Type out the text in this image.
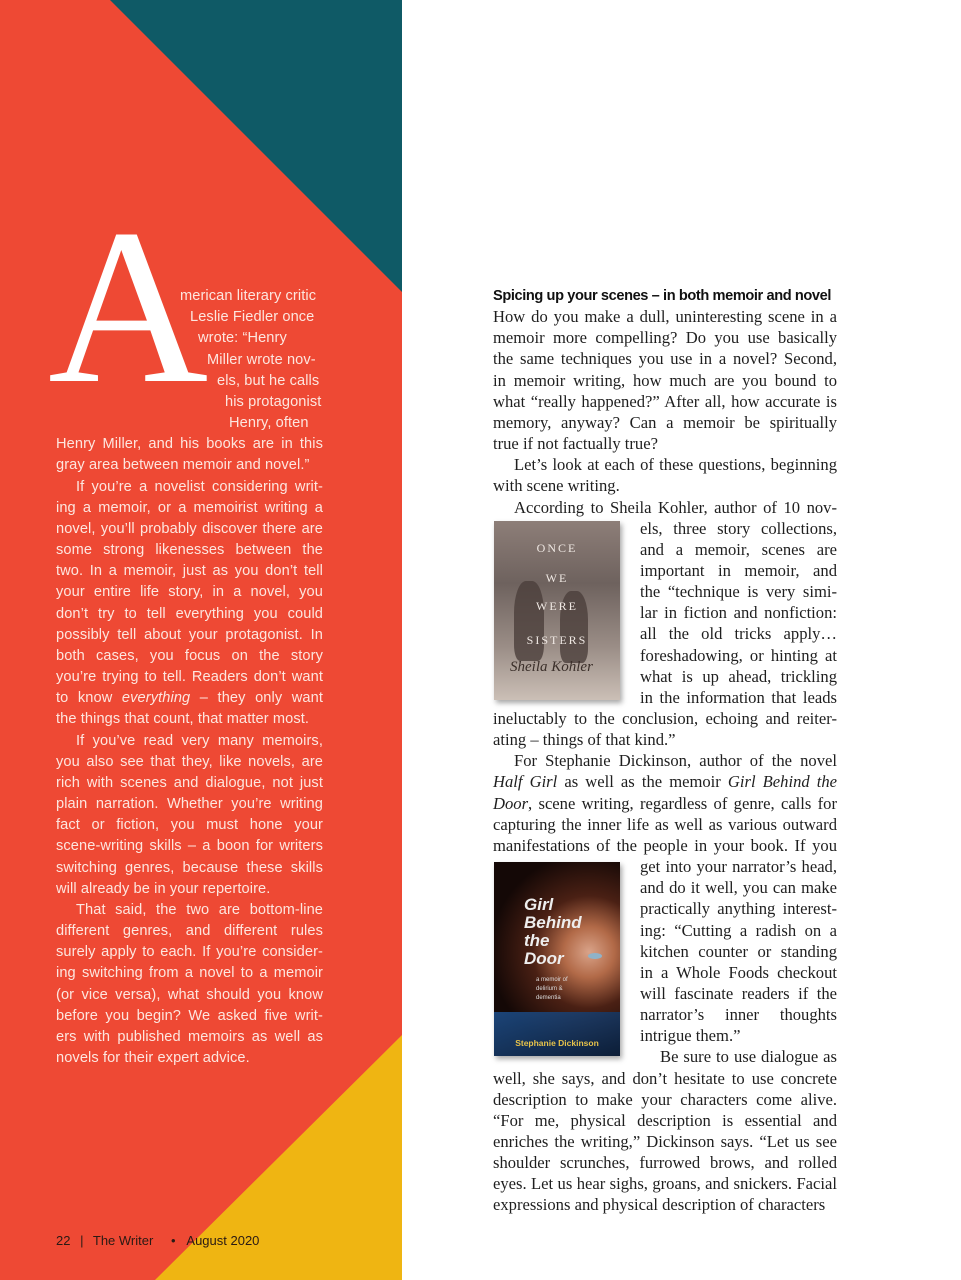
A
merican literary critic
Leslie Fiedler once
wrote: “Henry
Miller wrote nov-
els, but he calls
his protagonist
Henry, often
Henry Miller, and his books are in this
gray area between memoir and novel.”
If you’re a novelist considering writ-
ing a memoir, or a memoirist writing a
novel, you’ll probably discover there are
some strong likenesses between the
two. In a memoir, just as you don’t tell
your entire life story, in a novel, you
don’t try to tell everything you could
possibly tell about your protagonist. In
both cases, you focus on the story
you’re trying to tell. Readers don’t want
to know everything – they only want
the things that count, that matter most.
If you’ve read very many memoirs,
you also see that they, like novels, are
rich with scenes and dialogue, not just
plain narration. Whether you’re writing
fact or fiction, you must hone your
scene-writing skills – a boon for writers
switching genres, because these skills
will already be in your repertoire.
That said, the two are bottom-line
different genres, and different rules
surely apply to each. If you’re consider-
ing switching from a novel to a memoir
(or vice versa), what should you know
before you begin? We asked five writ-
ers with published memoirs as well as
novels for their expert advice.
22 | The Writer • August 2020
Spicing up your scenes – in both memoir and novel
How do you make a dull, uninteresting scene in a
memoir more compelling? Do you use basically
the same techniques you use in a novel? Second,
in memoir writing, how much are you bound to
what “really happened?” After all, how accurate is
memory, anyway? Can a memoir be spiritually
true if not factually true?
Let’s look at each of these questions, beginning
with scene writing.
According to Sheila Kohler, author of 10 nov-
els, three story collections,
and a memoir, scenes are
important in memoir, and
the “technique is very simi-
lar in fiction and nonfiction:
all the old tricks apply…
foreshadowing, or hinting at
what is up ahead, trickling
in the information that leads
ineluctably to the conclusion, echoing and reiter-
ating – things of that kind.”
For Stephanie Dickinson, author of the novel
Half Girl as well as the memoir Girl Behind the
Door, scene writing, regardless of genre, calls for
capturing the inner life as well as various outward
manifestations of the people in your book. If you
get into your narrator’s head,
and do it well, you can make
practically anything interest-
ing: “Cutting a radish on a
kitchen counter or standing
in a Whole Foods checkout
will fascinate readers if the
narrator’s inner thoughts
intrigue them.”
Be sure to use dialogue as
well, she says, and don’t hesitate to use concrete
description to make your characters come alive.
“For me, physical description is essential and
enriches the writing,” Dickinson says. “Let us see
shoulder scrunches, furrowed brows, and rolled
eyes. Let us hear sighs, groans, and snickers. Facial
expressions and physical description of characters
ONCE
WE
WERE
SISTERS
Sheila Kohler
Girl
Behind
the
Door
a memoir of
delirium &
dementia
Stephanie Dickinson
